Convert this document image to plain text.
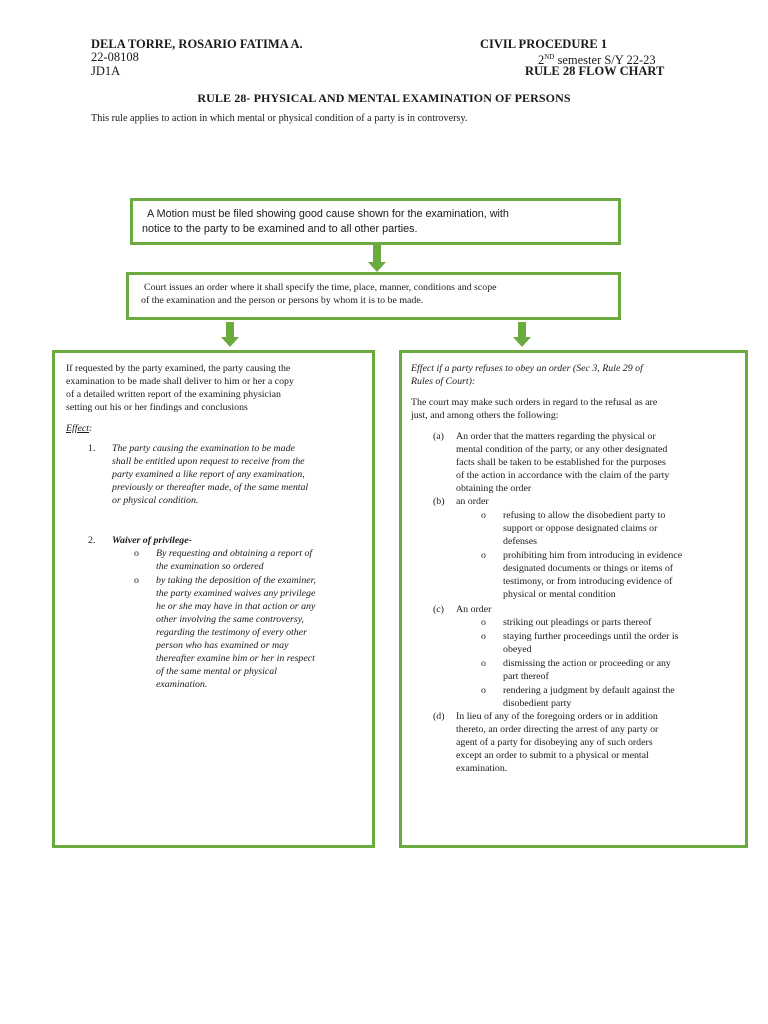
DELA TORRE, ROSARIO FATIMA A.
22-08108
JD1A
CIVIL PROCEDURE 1
2ND semester S/Y 22-23
RULE 28 FLOW CHART
RULE 28- PHYSICAL AND MENTAL EXAMINATION OF PERSONS
This rule applies to action in which mental or physical condition of a party is in controversy.
A Motion must be filed showing good cause shown for the examination, with
notice to the party to be examined and to all other parties.
Court issues an order where it shall specify the time, place, manner, conditions and scope
of the examination and the person or persons by whom it is to be made.
If requested by the party examined, the party causing the
examination to be made shall deliver to him or her a copy
of a detailed written report of the examining physician
setting out his or her findings and conclusions
Effect:
1. The party causing the examination to be made
shall be entitled upon request to receive from the
party examined a like report of any examination,
previously or thereafter made, of the same mental
or physical condition.
2. Waiver of privilege-
o By requesting and obtaining a report of
the examination so ordered
o by taking the deposition of the examiner,
the party examined waives any privilege
he or she may have in that action or any
other involving the same controversy,
regarding the testimony of every other
person who has examined or may
thereafter examine him or her in respect
of the same mental or physical
examination.
Effect if a party refuses to obey an order (Sec 3, Rule 29 of
Rules of Court):
The court may make such orders in regard to the refusal as are
just, and among others the following:
(a) An order that the matters regarding the physical or
mental condition of the party, or any other designated
facts shall be taken to be established for the purposes
of the action in accordance with the claim of the party
obtaining the order
(b) an order
o refusing to allow the disobedient party to
support or oppose designated claims or
defenses
o prohibiting him from introducing in evidence
designated documents or things or items of
testimony, or from introducing evidence of
physical or mental condition
(c) An order
o striking out pleadings or parts thereof
o staying further proceedings until the order is
obeyed
o dismissing the action or proceeding or any
part thereof
o rendering a judgment by default against the
disobedient party
(d) In lieu of any of the foregoing orders or in addition
thereto, an order directing the arrest of any party or
agent of a party for disobeying any of such orders
except an order to submit to a physical or mental
examination.
